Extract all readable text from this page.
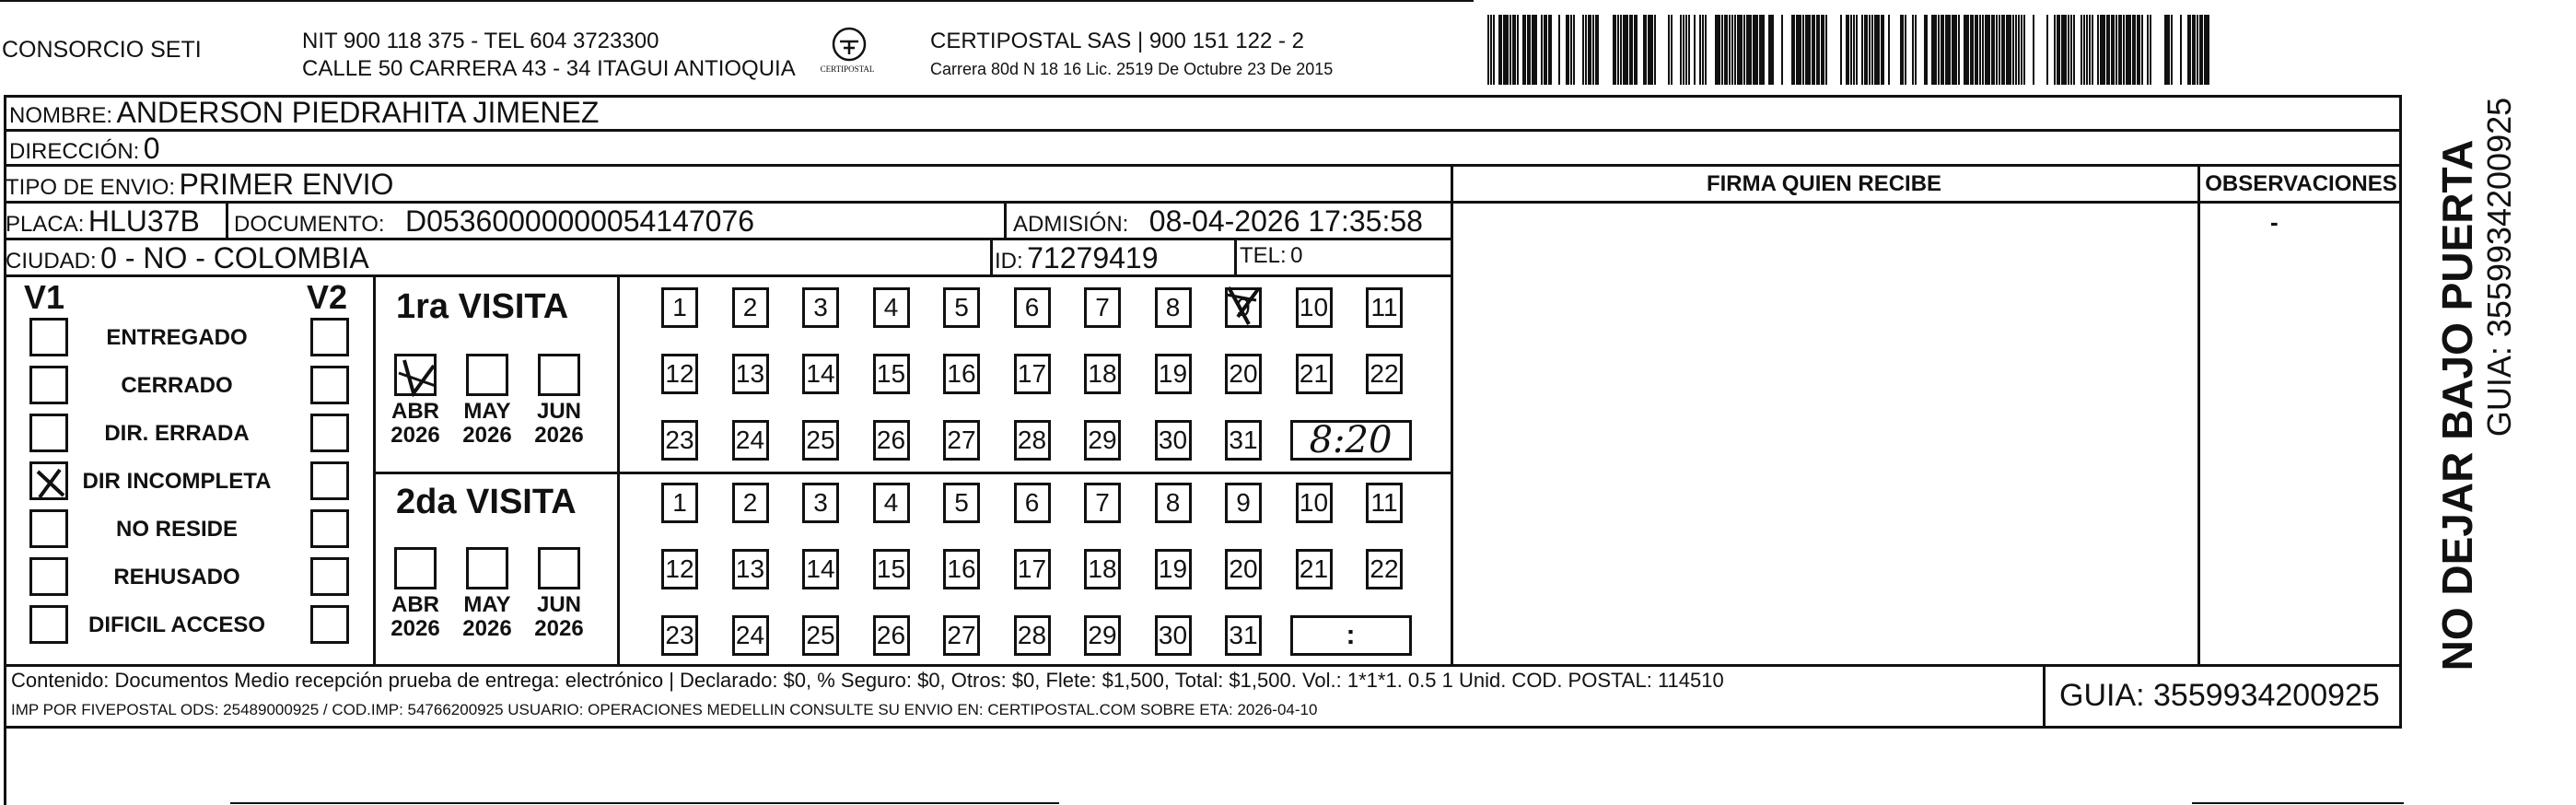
CONSORCIO SETI	NIT 900 118 375 - TEL 604 3723300
CALLE 50 CARRERA 43 - 34 ITAGUI ANTIOQUIA	CERTIPOSTAL
CERTIPOSTAL SAS | 900 151 122 - 2
Carrera 80d N 18 16 Lic. 2519 De Octubre 23 De 2015
NOMBRE: ANDERSON PIEDRAHITA JIMENEZ
DIRECCIÓN: 0
TIPO DE ENVIO: PRIMER ENVIO
PLACA: HLU37B DOCUMENTO: D05360000000054147076	ADMISIÓN: 08-04-2026 17:35:58
CIUDAD: 0 - NO - COLOMBIA	ID: 71279419	TEL: 0
FIRMA QUIEN RECIBE	OBSERVACIONES
-
V1	V2
ENTREGADO
CERRADO
DIR. ERRADA
DIR INCOMPLETA
NO RESIDE
REHUSADO
DIFICIL ACCESO
1ra VISITA
ABR
2026
MAY
2026
JUN
2026
1	2	3	4	5	6	7	8	9	10 11
12 13 14 15 16 17 18 19 20 21 22
23 24 25 26 27 28 29 30 31 8:20
2da VISITA
ABR
2026
MAY
2026
JUN
2026
1	2	3	4	5	6	7	8	9	10 11
12 13 14 15 16 17 18 19 20 21 22
23 24 25 26 27 28 29 30 31	:
Contenido: Documentos Medio recepción prueba de entrega: electrónico | Declarado: $0, % Seguro: $0, Otros: $0, Flete: $1,500, Total: $1,500. Vol.: 1*1*1. 0.5 1 Unid. COD. POSTAL: 114510
IMP POR FIVEPOSTAL ODS: 25489000925 / COD.IMP: 54766200925 USUARIO: OPERACIONES MEDELLIN CONSULTE SU ENVIO EN: CERTIPOSTAL.COM SOBRE ETA: 2026-04-10	GUIA: 3559934200925
NO DEJAR BAJO PUERTA GUIA: 3559934200925
